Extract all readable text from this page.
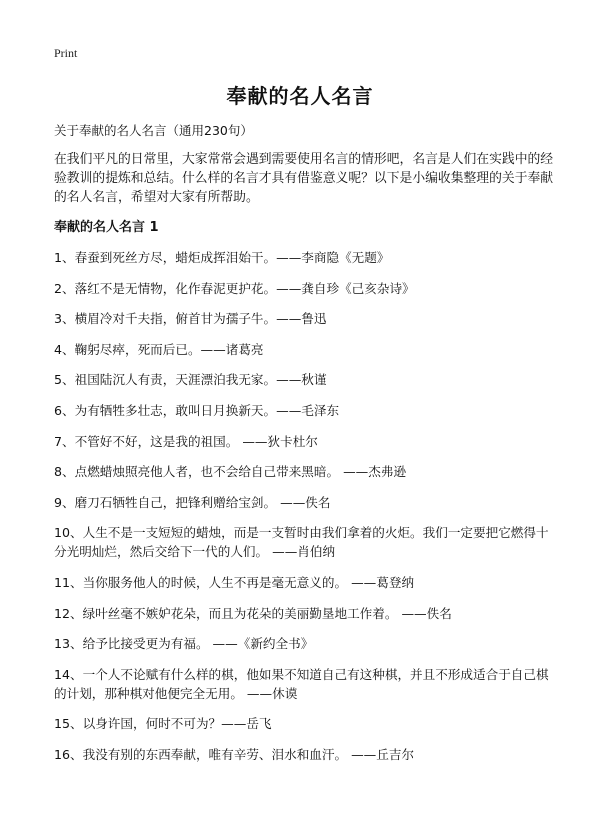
Print
奉献的名人名言

关于奉献的名人名言（通用230句）

在我们平凡的日常里，大家常常会遇到需要使用名言的情形吧，名言是人们在实践中的经验教训的提炼和总结。什么样的名言才具有借鉴意义呢？以下是小编收集整理的关于奉献的名人名言，希望对大家有所帮助。

奉献的名人名言 1
1、春蚕到死丝方尽，蜡炬成挥泪始干。——李商隐《无题》
2、落红不是无情物，化作春泥更护花。——龚自珍《己亥杂诗》
3、横眉冷对千夫指，俯首甘为孺子牛。——鲁迅
4、鞠躬尽瘁，死而后已。——诸葛亮
5、祖国陆沉人有责，天涯漂泊我无家。——秋谨
6、为有牺牲多壮志，敢叫日月换新天。——毛泽东
7、不管好不好，这是我的祖国。 ——狄卡杜尔
8、点燃蜡烛照亮他人者，也不会给自己带来黑暗。 ——杰弗逊
9、磨刀石牺牲自己，把锋利赠给宝剑。 ——佚名
10、人生不是一支短短的蜡烛，而是一支暂时由我们拿着的火炬。我们一定要把它燃得十分光明灿烂，然后交给下一代的人们。 ——肖伯纳
11、当你服务他人的时候，人生不再是毫无意义的。 ——葛登纳
12、绿叶丝毫不嫉妒花朵，而且为花朵的美丽勤垦地工作着。 ——佚名
13、给予比接受更为有福。 ——《新约全书》
14、一个人不论赋有什么样的棋，他如果不知道自己有这种棋，并且不形成适合于自己棋的计划，那种棋对他便完全无用。 ——休谟
15、以身许国，何时不可为？——岳飞
16、我没有别的东西奉献，唯有辛劳、泪水和血汗。 ——丘吉尔
